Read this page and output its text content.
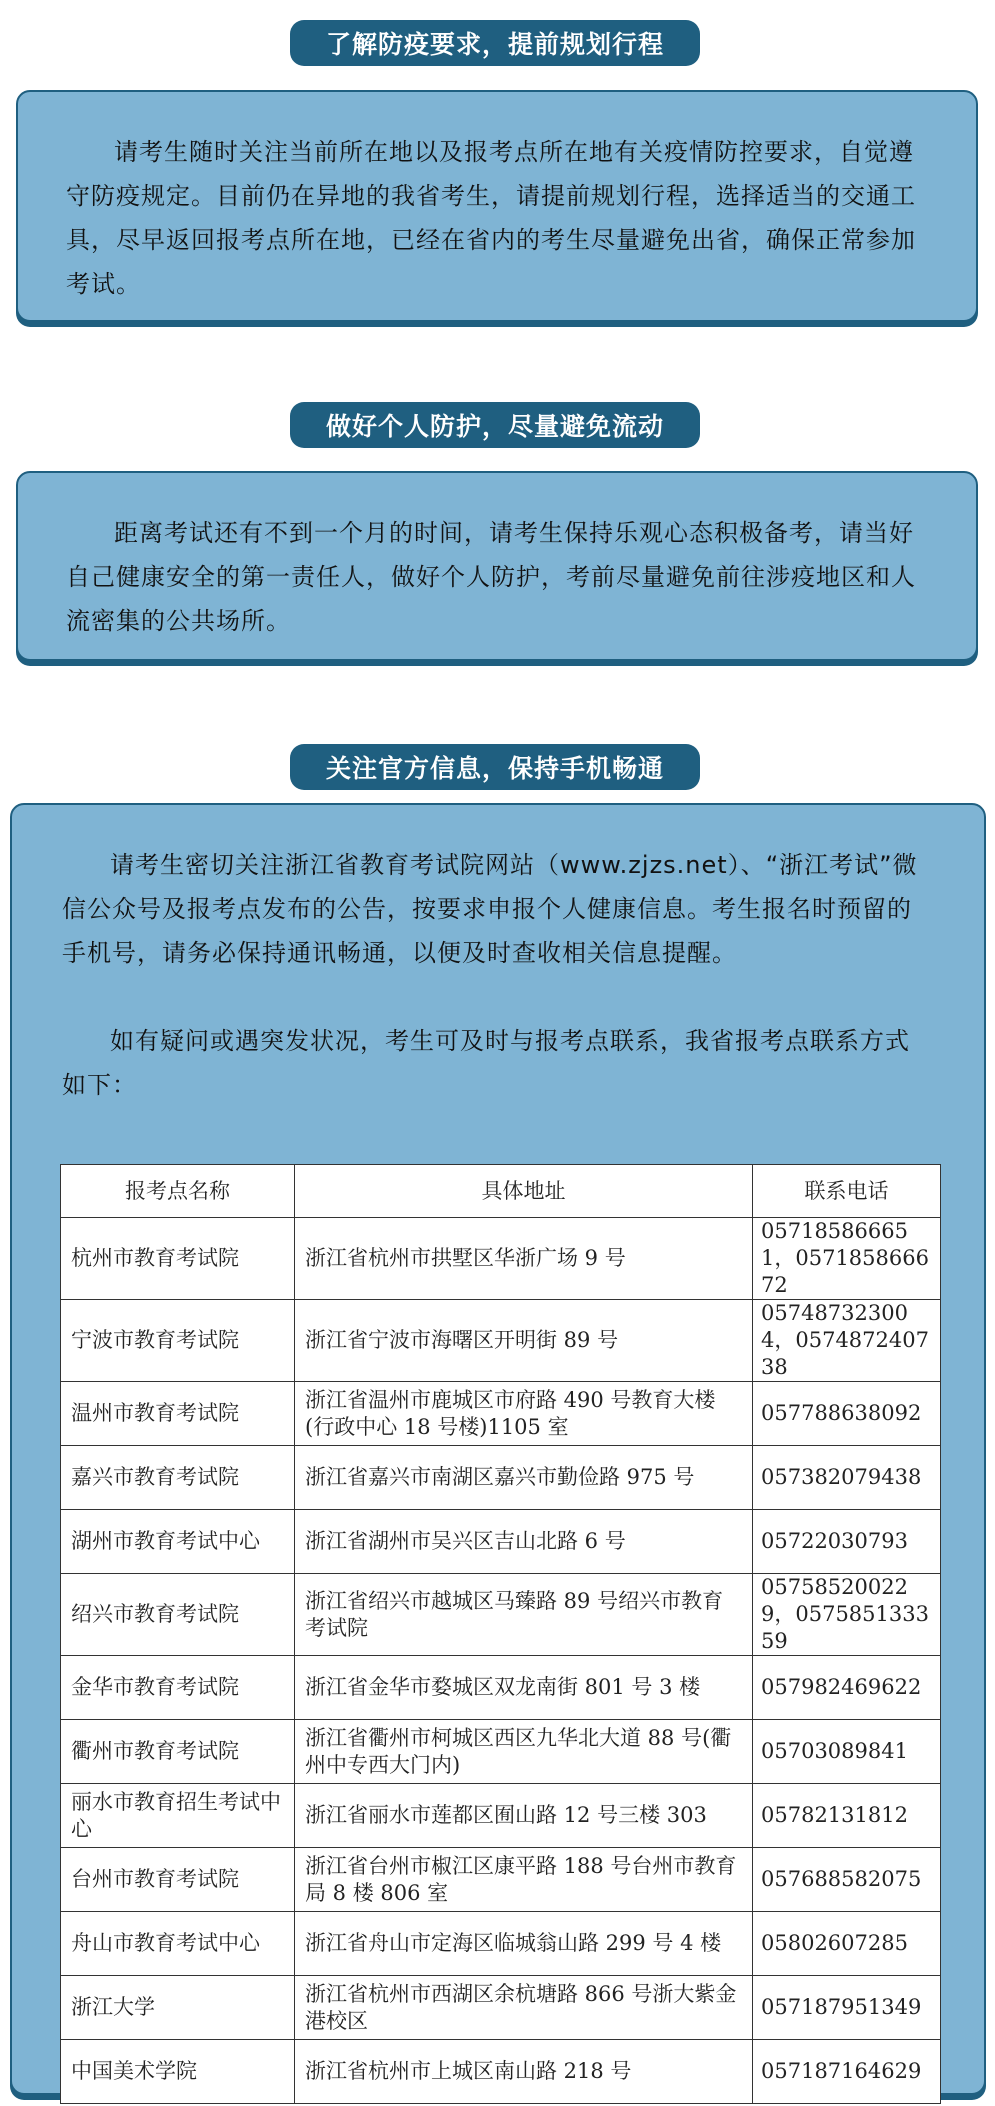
了解防疫要求，提前规划行程

请考生随时关注当前所在地以及报考点所在地有关疫情防控要求，自觉遵守防疫规定。目前仍在异地的我省考生，请提前规划行程，选择适当的交通工具，尽早返回报考点所在地，已经在省内的考生尽量避免出省，确保正常参加考试。

做好个人防护，尽量避免流动

距离考试还有不到一个月的时间，请考生保持乐观心态积极备考，请当好自己健康安全的第一责任人，做好个人防护，考前尽量避免前往涉疫地区和人流密集的公共场所。

关注官方信息，保持手机畅通

请考生密切关注浙江省教育考试院网站（www.zjzs.net）、“浙江考试”微信公众号及报考点发布的公告，按要求申报个人健康信息。考生报名时预留的手机号，请务必保持通讯畅通，以便及时查收相关信息提醒。

如有疑问或遇突发状况，考生可及时与报考点联系，我省报考点联系方式如下：

报考点名称	具体地址	联系电话
杭州市教育考试院	浙江省杭州市拱墅区华浙广场 9 号	057185866651，057185866672
宁波市教育考试院	浙江省宁波市海曙区开明街 89 号	057487323004，057487240738
温州市教育考试院	浙江省温州市鹿城区市府路 490 号教育大楼(行政中心 18 号楼)1105 室	057788638092
嘉兴市教育考试院	浙江省嘉兴市南湖区嘉兴市勤俭路 975 号	057382079438
湖州市教育考试中心	浙江省湖州市吴兴区吉山北路 6 号	05722030793
绍兴市教育考试院	浙江省绍兴市越城区马臻路 89 号绍兴市教育考试院	057585200229，057585133359
金华市教育考试院	浙江省金华市婺城区双龙南街 801 号 3 楼	057982469622
衢州市教育考试院	浙江省衢州市柯城区西区九华北大道 88 号(衢州中专西大门内)	05703089841
丽水市教育招生考试中心	浙江省丽水市莲都区囿山路 12 号三楼 303	05782131812
台州市教育考试院	浙江省台州市椒江区康平路 188 号台州市教育局 8 楼 806 室	057688582075
舟山市教育考试中心	浙江省舟山市定海区临城翁山路 299 号 4 楼	05802607285
浙江大学	浙江省杭州市西湖区余杭塘路 866 号浙大紫金港校区	057187951349
中国美术学院	浙江省杭州市上城区南山路 218 号	057187164629
